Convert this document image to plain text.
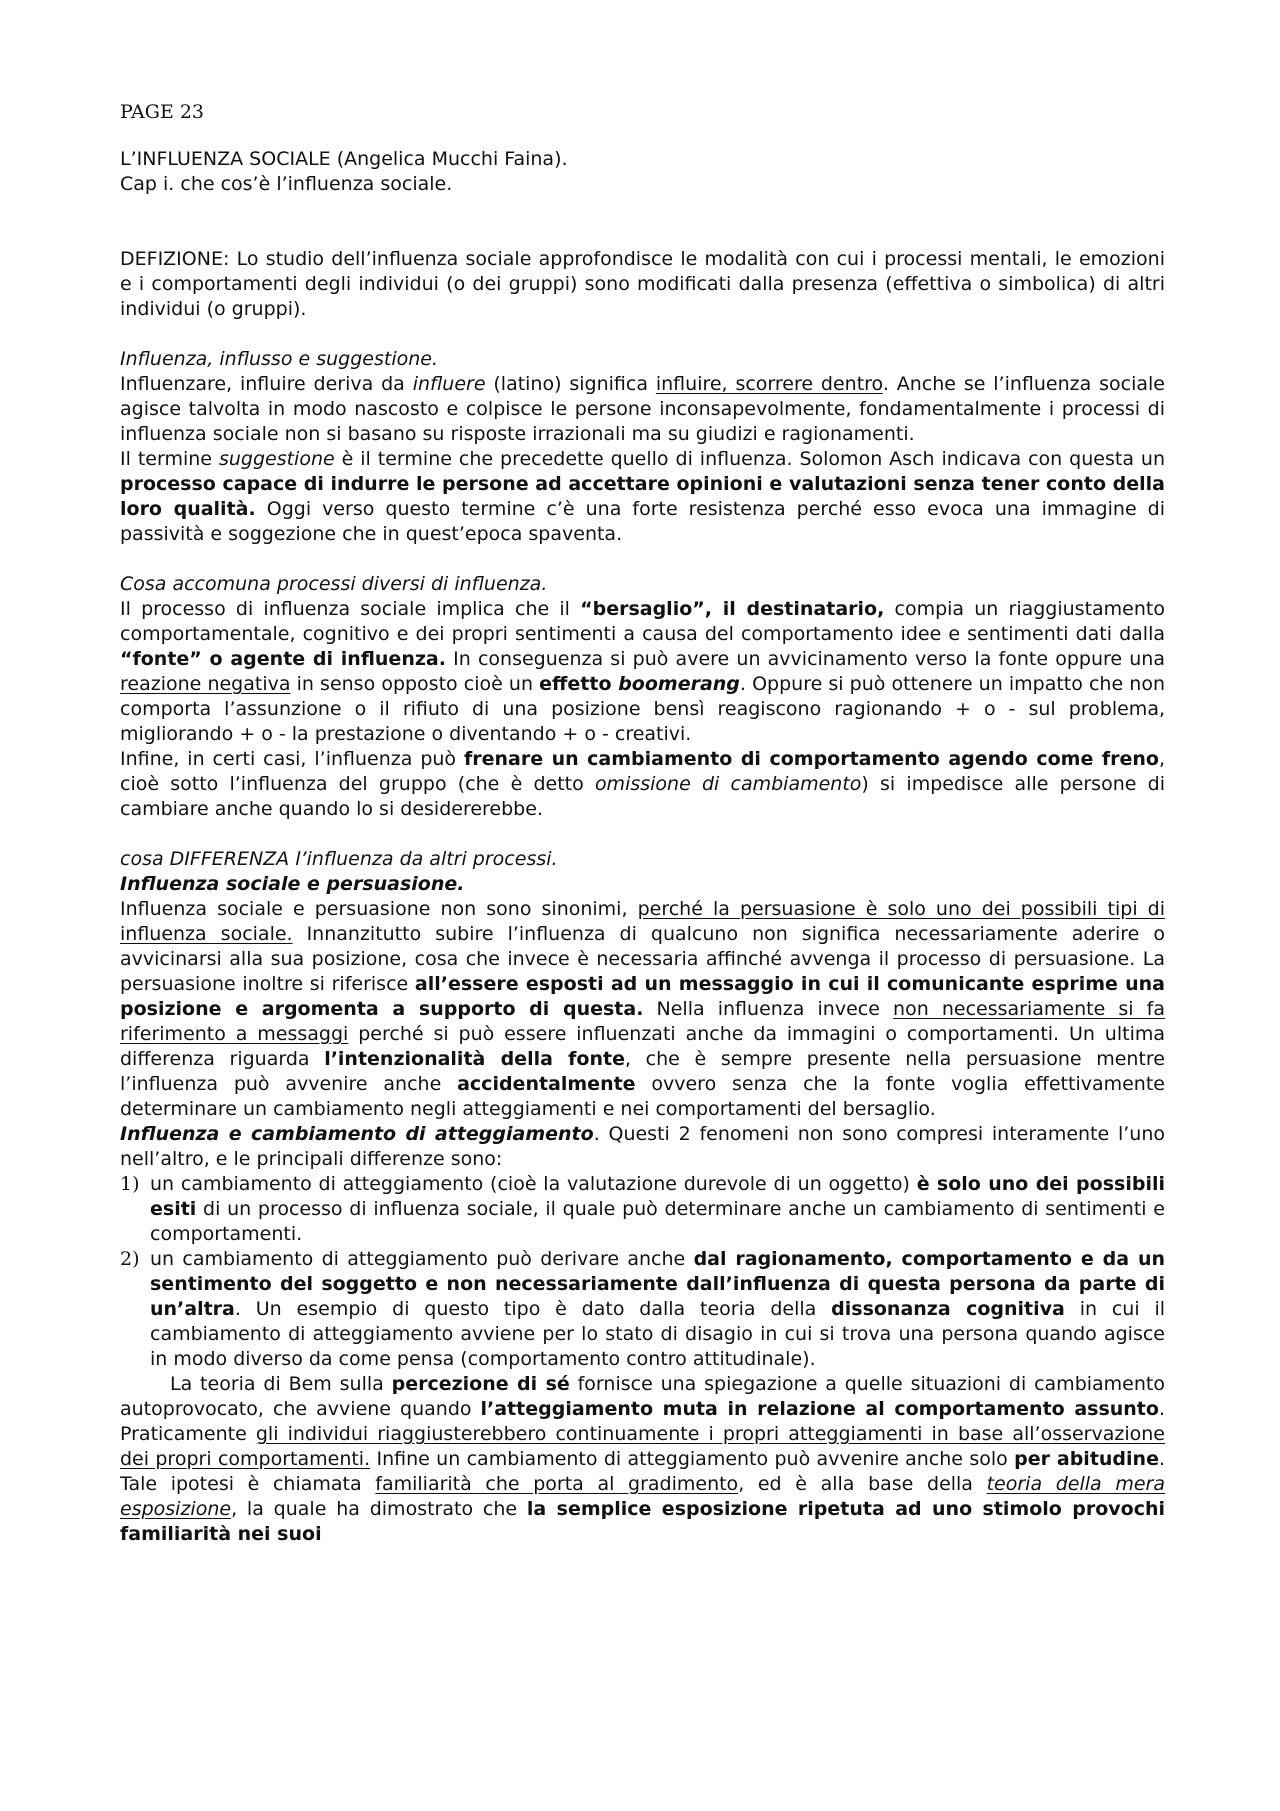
PAGE 23

L’INFLUENZA SOCIALE (Angelica Mucchi Faina).

Cap i. che cos’è l’influenza sociale.

DEFIZIONE: Lo studio dell’influenza sociale approfondisce le modalità con cui i processi mentali, le emozioni e i comportamenti degli individui (o dei gruppi) sono modificati dalla presenza (effettiva o simbolica) di altri individui (o gruppi).

Influenza, influsso e suggestione.

Influenzare, influire deriva da influere (latino) significa influire, scorrere dentro. Anche se l’influenza sociale agisce talvolta in modo nascosto e colpisce le persone inconsapevolmente, fondamentalmente i processi di influenza sociale non si basano su risposte irrazionali ma su giudizi e ragionamenti.

Il termine suggestione è il termine che precedette quello di influenza. Solomon Asch indicava con questa un processo capace di indurre le persone ad accettare opinioni e valutazioni senza tener conto della loro qualità. Oggi verso questo termine c’è una forte resistenza perché esso evoca una immagine di passività e soggezione che in quest’epoca spaventa.

Cosa accomuna processi diversi di influenza.

Il processo di influenza sociale implica che il “bersaglio”, il destinatario, compia un riaggiustamento comportamentale, cognitivo e dei propri sentimenti a causa del comportamento idee e sentimenti dati dalla “fonte” o agente di influenza. In conseguenza si può avere un avvicinamento verso la fonte oppure una reazione negativa in senso opposto cioè un effetto boomerang. Oppure si può ottenere un impatto che non comporta l’assunzione o il rifiuto di una posizione bensì reagiscono ragionando + o - sul problema, migliorando + o - la prestazione o diventando + o - creativi.

Infine, in certi casi, l’influenza può frenare un cambiamento di comportamento agendo come freno, cioè sotto l’influenza del gruppo (che è detto omissione di cambiamento) si impedisce alle persone di cambiare anche quando lo si desidererebbe.

cosa DIFFERENZA l’influenza da altri processi.

Influenza sociale e persuasione.

Influenza sociale e persuasione non sono sinonimi, perché la persuasione è solo uno dei possibili tipi di influenza sociale. Innanzitutto subire l’influenza di qualcuno non significa necessariamente aderire o avvicinarsi alla sua posizione, cosa che invece è necessaria affinché avvenga il processo di persuasione. La persuasione inoltre si riferisce all’essere esposti ad un messaggio in cui il comunicante esprime una posizione e argomenta a supporto di questa. Nella influenza invece non necessariamente si fa riferimento a messaggi perché si può essere influenzati anche da immagini o comportamenti. Un ultima differenza riguarda l’intenzionalità della fonte, che è sempre presente nella persuasione mentre l’influenza può avvenire anche accidentalmente ovvero senza che la fonte voglia effettivamente determinare un cambiamento negli atteggiamenti e nei comportamenti del bersaglio.

Influenza e cambiamento di atteggiamento. Questi 2 fenomeni non sono compresi interamente l’uno nell’altro, e le principali differenze sono:

1) un cambiamento di atteggiamento (cioè la valutazione durevole di un oggetto) è solo uno dei possibili esiti di un processo di influenza sociale, il quale può determinare anche un cambiamento di sentimenti e comportamenti.
2) un cambiamento di atteggiamento può derivare anche dal ragionamento, comportamento e da un sentimento del soggetto e non necessariamente dall’influenza di questa persona da parte di un’altra. Un esempio di questo tipo è dato dalla teoria della dissonanza cognitiva in cui il cambiamento di atteggiamento avviene per lo stato di disagio in cui si trova una persona quando agisce in modo diverso da come pensa (comportamento contro attitudinale).

La teoria di Bem sulla percezione di sé fornisce una spiegazione a quelle situazioni di cambiamento autoprovocato, che avviene quando l’atteggiamento muta in relazione al comportamento assunto. Praticamente gli individui riaggiusterebbero continuamente i propri atteggiamenti in base all’osservazione dei propri comportamenti. Infine un cambiamento di atteggiamento può avvenire anche solo per abitudine. Tale ipotesi è chiamata familiarità che porta al gradimento, ed è alla base della teoria della mera esposizione, la quale ha dimostrato che la semplice esposizione ripetuta ad uno stimolo provochi familiarità nei suoi
